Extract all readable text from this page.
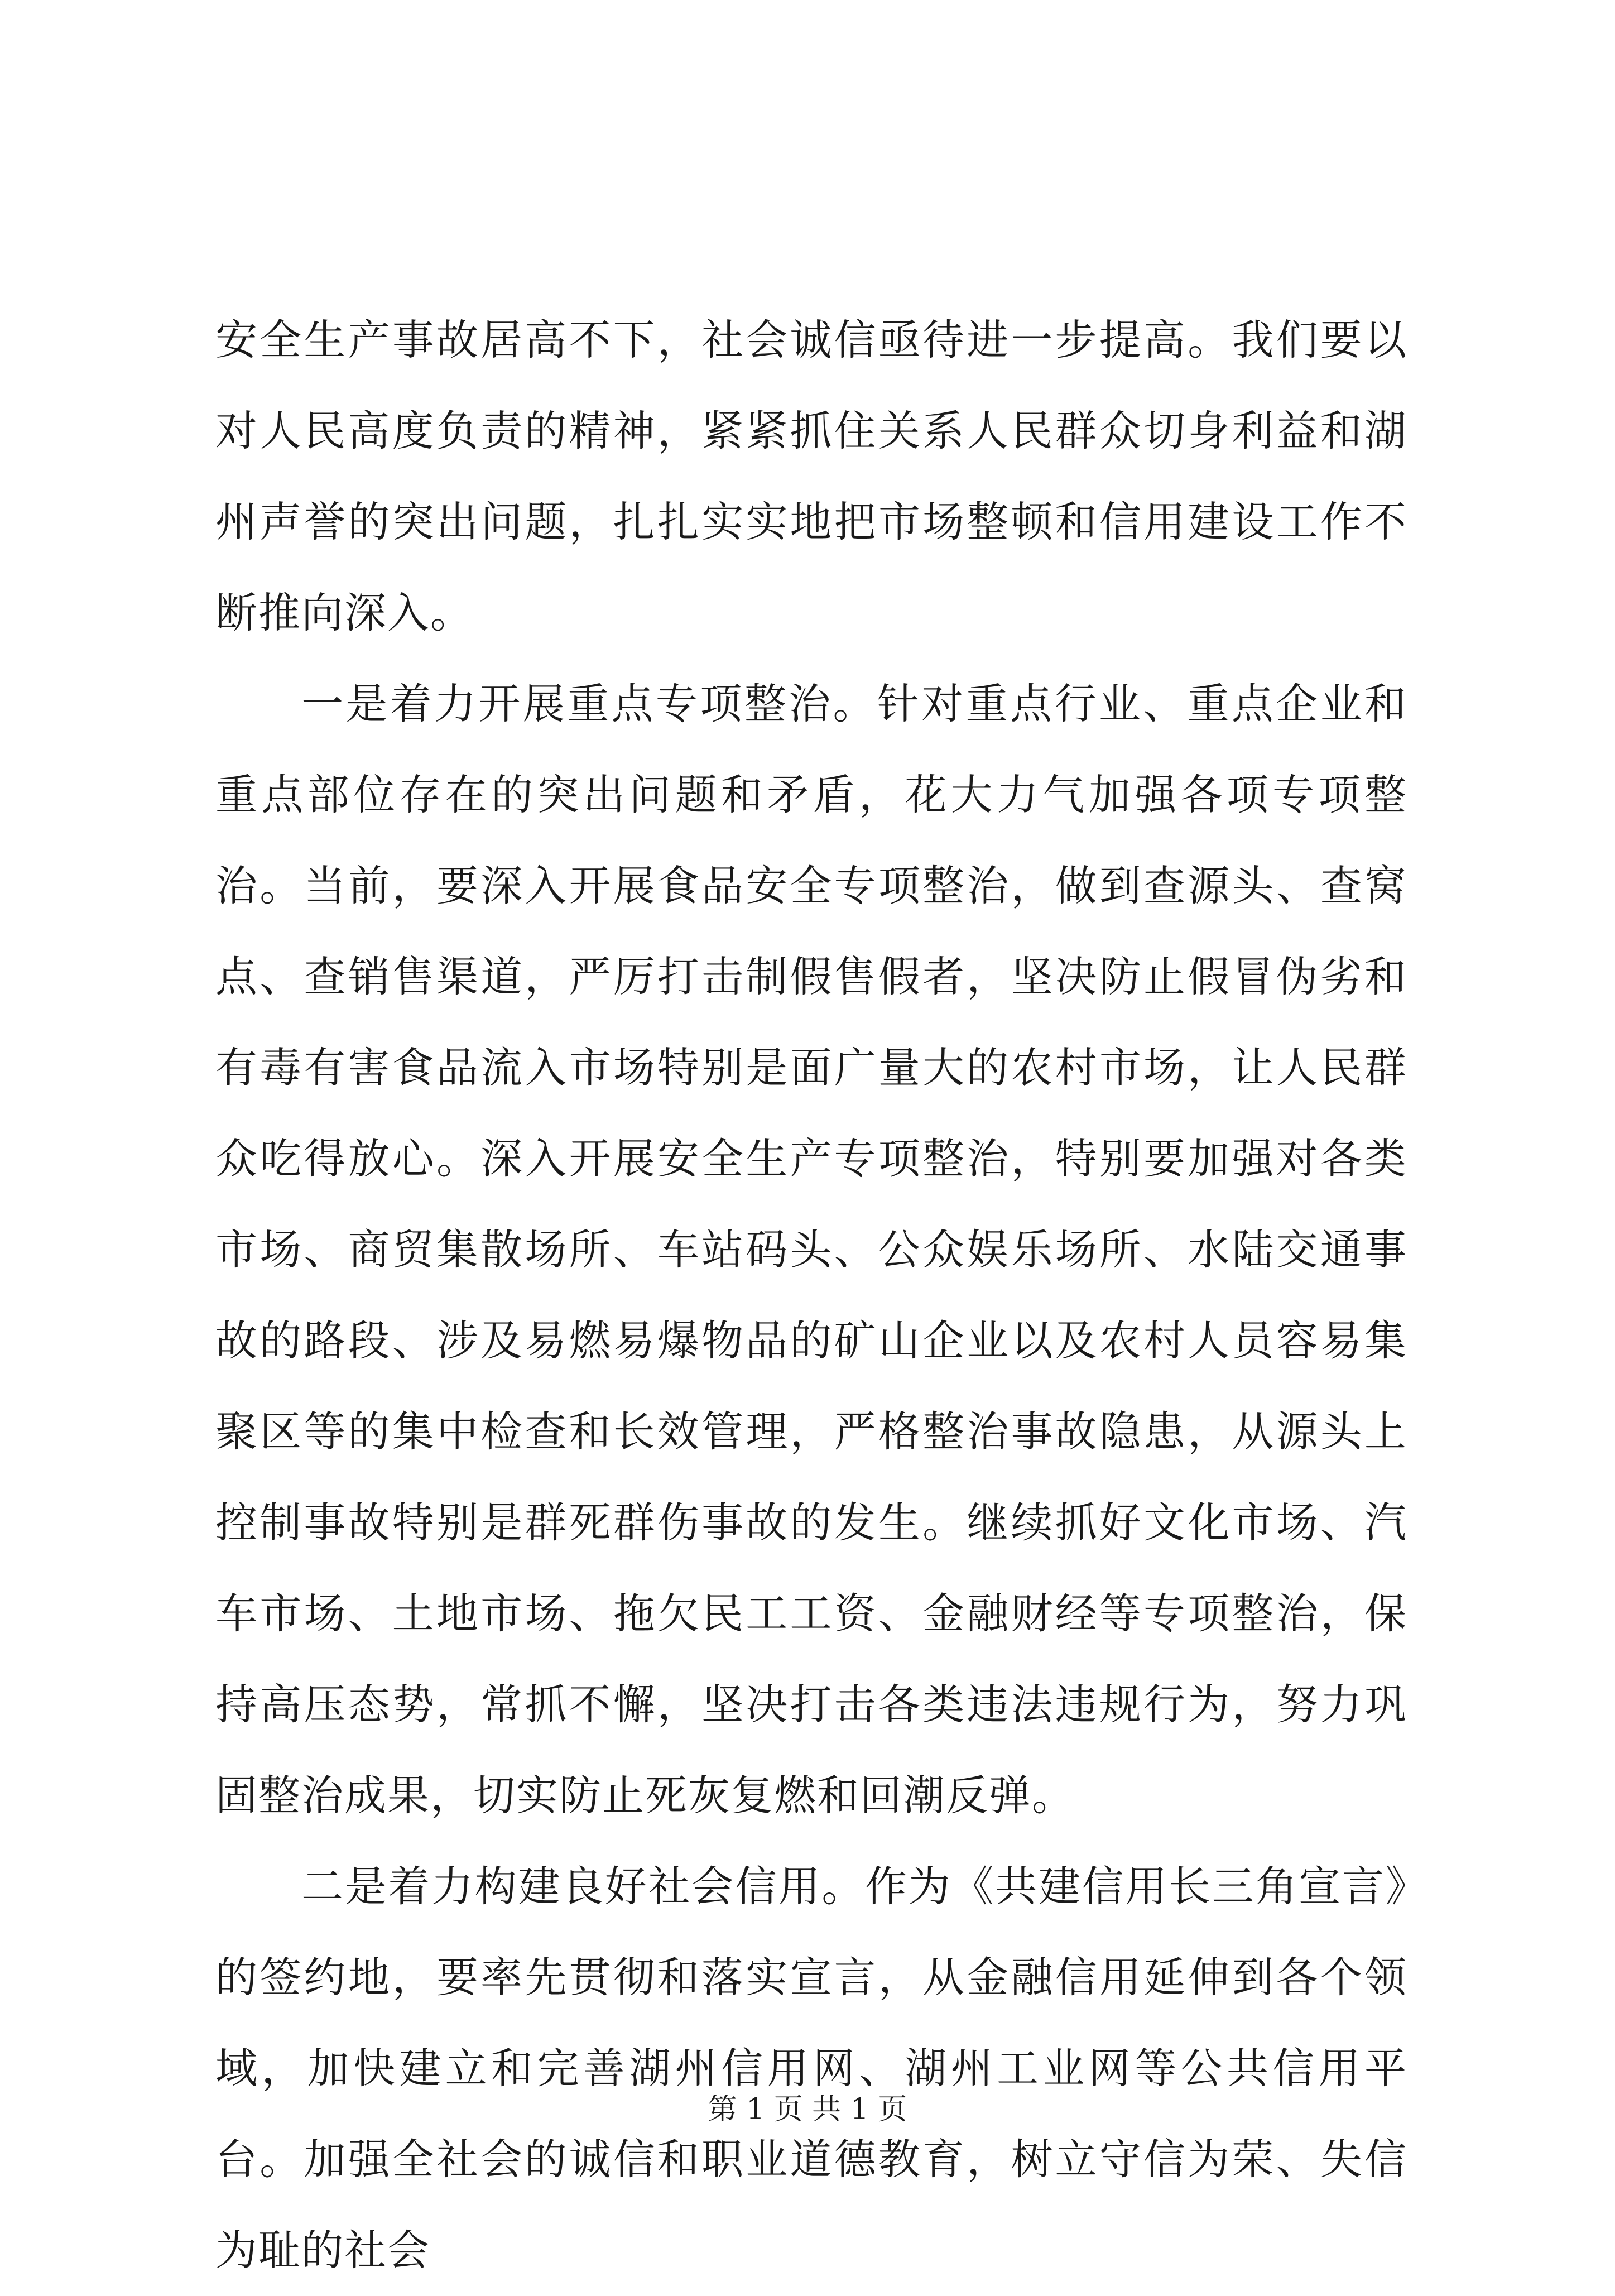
安全生产事故居高不下，社会诚信亟待进一步提高。我们要以对人民高度负责的精神，紧紧抓住关系人民群众切身利益和湖州声誉的突出问题，扎扎实实地把市场整顿和信用建设工作不断推向深入。

一是着力开展重点专项整治。针对重点行业、重点企业和重点部位存在的突出问题和矛盾，花大力气加强各项专项整治。当前，要深入开展食品安全专项整治，做到查源头、查窝点、查销售渠道，严厉打击制假售假者，坚决防止假冒伪劣和有毒有害食品流入市场特别是面广量大的农村市场，让人民群众吃得放心。深入开展安全生产专项整治，特别要加强对各类市场、商贸集散场所、车站码头、公众娱乐场所、水陆交通事故的路段、涉及易燃易爆物品的矿山企业以及农村人员容易集聚区等的集中检查和长效管理，严格整治事故隐患，从源头上控制事故特别是群死群伤事故的发生。继续抓好文化市场、汽车市场、土地市场、拖欠民工工资、金融财经等专项整治，保持高压态势，常抓不懈，坚决打击各类违法违规行为，努力巩固整治成果，切实防止死灰复燃和回潮反弹。

二是着力构建良好社会信用。作为《共建信用长三角宣言》的签约地，要率先贯彻和落实宣言，从金融信用延伸到各个领域，加快建立和完善湖州信用网、湖州工业网等公共信用平台。加强全社会的诚信和职业道德教育，树立守信为荣、失信为耻的社会

第 1 页 共 1 页
